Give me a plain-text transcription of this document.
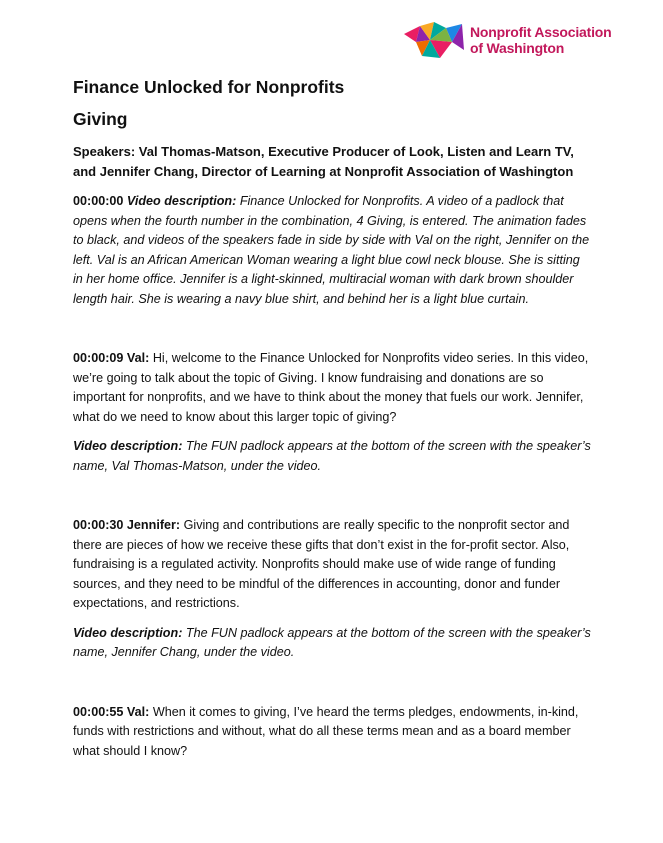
Nonprofit Association
of Washington
Finance Unlocked for Nonprofits
Giving

Speakers: Val Thomas-Matson, Executive Producer of Look, Listen and Learn TV, and Jennifer Chang, Director of Learning at Nonprofit Association of Washington

00:00:00 Video description: Finance Unlocked for Nonprofits. A video of a padlock that opens when the fourth number in the combination, 4 Giving, is entered. The animation fades to black, and videos of the speakers fade in side by side with Val on the right, Jennifer on the left. Val is an African American Woman wearing a light blue cowl neck blouse. She is sitting in her home office. Jennifer is a light-skinned, multiracial woman with dark brown shoulder length hair. She is wearing a navy blue shirt, and behind her is a light blue curtain.

00:00:09 Val: Hi, welcome to the Finance Unlocked for Nonprofits video series. In this video, we’re going to talk about the topic of Giving. I know fundraising and donations are so important for nonprofits, and we have to think about the money that fuels our work. Jennifer, what do we need to know about this larger topic of giving?

Video description: The FUN padlock appears at the bottom of the screen with the speaker’s name, Val Thomas-Matson, under the video.

00:00:30 Jennifer: Giving and contributions are really specific to the nonprofit sector and there are pieces of how we receive these gifts that don’t exist in the for-profit sector. Also, fundraising is a regulated activity. Nonprofits should make use of wide range of funding sources, and they need to be mindful of the differences in accounting, donor and funder expectations, and restrictions.

Video description: The FUN padlock appears at the bottom of the screen with the speaker’s name, Jennifer Chang, under the video.

00:00:55 Val: When it comes to giving, I’ve heard the terms pledges, endowments, in-kind, funds with restrictions and without, what do all these terms mean and as a board member what should I know?
